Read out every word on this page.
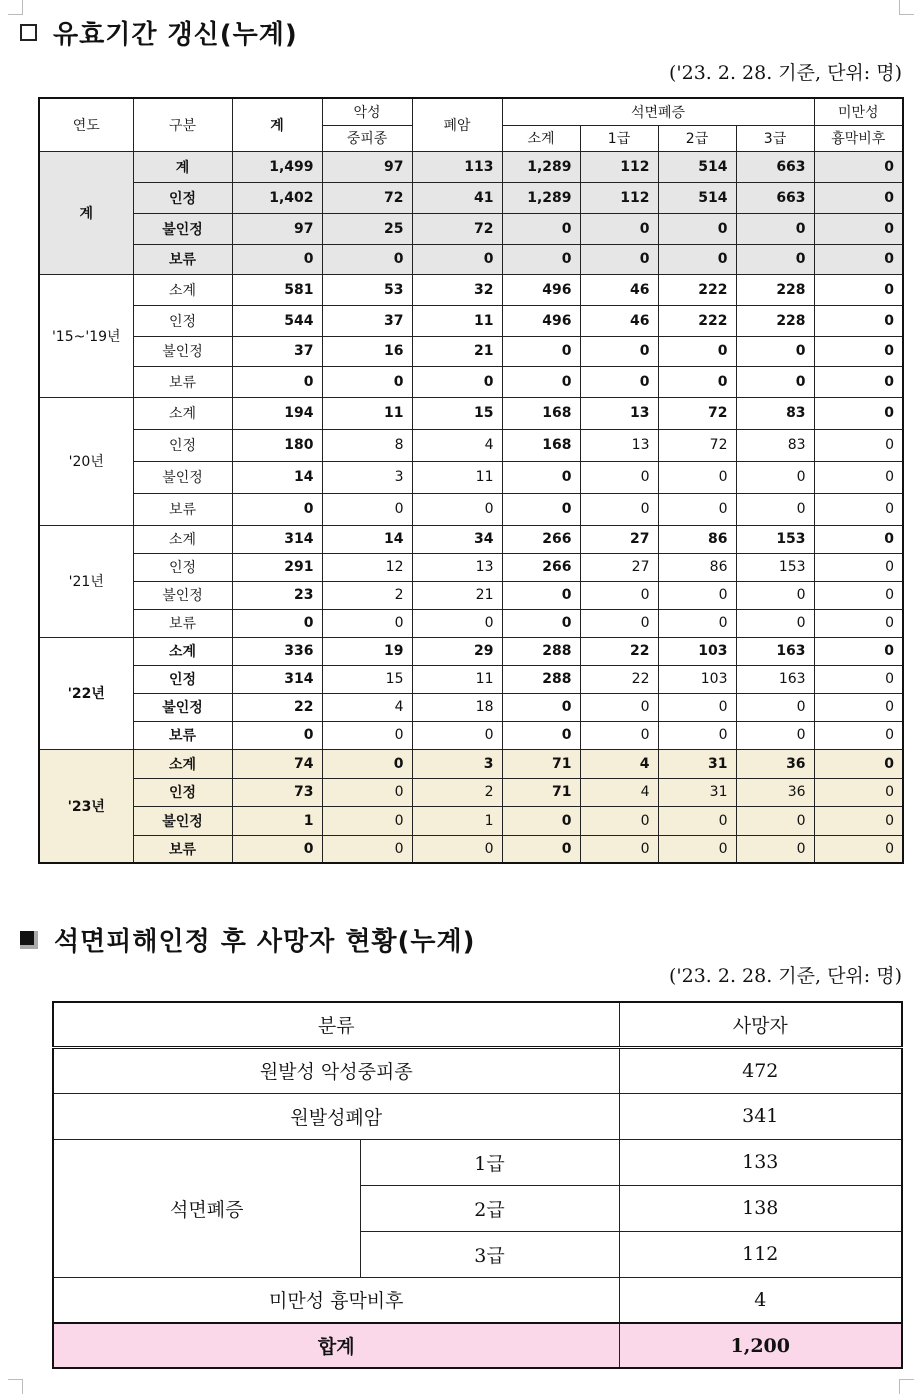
유효기간 갱신(누계)
('23. 2. 28. 기준, 단위: 명)
연도	구분	계	악성	폐암	석면폐증				미만성
			중피종		소계	1급	2급	3급	흉막비후
계	계	1,499	97	113	1,289	112	514	663	0
	인정	1,402	72	41	1,289	112	514	663	0
	불인정	97	25	72	0	0	0	0	0
	보류	0	0	0	0	0	0	0	0
'15~'19년	소계	581	53	32	496	46	222	228	0
	인정	544	37	11	496	46	222	228	0
	불인정	37	16	21	0	0	0	0	0
	보류	0	0	0	0	0	0	0	0
'20년	소계	194	11	15	168	13	72	83	0
	인정	180	8	4	168	13	72	83	0
	불인정	14	3	11	0	0	0	0	0
	보류	0	0	0	0	0	0	0	0
'21년	소계	314	14	34	266	27	86	153	0
	인정	291	12	13	266	27	86	153	0
	불인정	23	2	21	0	0	0	0	0
	보류	0	0	0	0	0	0	0	0
'22년	소계	336	19	29	288	22	103	163	0
	인정	314	15	11	288	22	103	163	0
	불인정	22	4	18	0	0	0	0	0
	보류	0	0	0	0	0	0	0	0
'23년	소계	74	0	3	71	4	31	36	0
	인정	73	0	2	71	4	31	36	0
	불인정	1	0	1	0	0	0	0	0
	보류	0	0	0	0	0	0	0	0
석면피해인정 후 사망자 현황(누계)
('23. 2. 28. 기준, 단위: 명)
분류		사망자
원발성 악성중피종		472
원발성폐암		341
석면폐증	1급	133
	2급	138
	3급	112
미만성 흉막비후		4
합계		1,200
